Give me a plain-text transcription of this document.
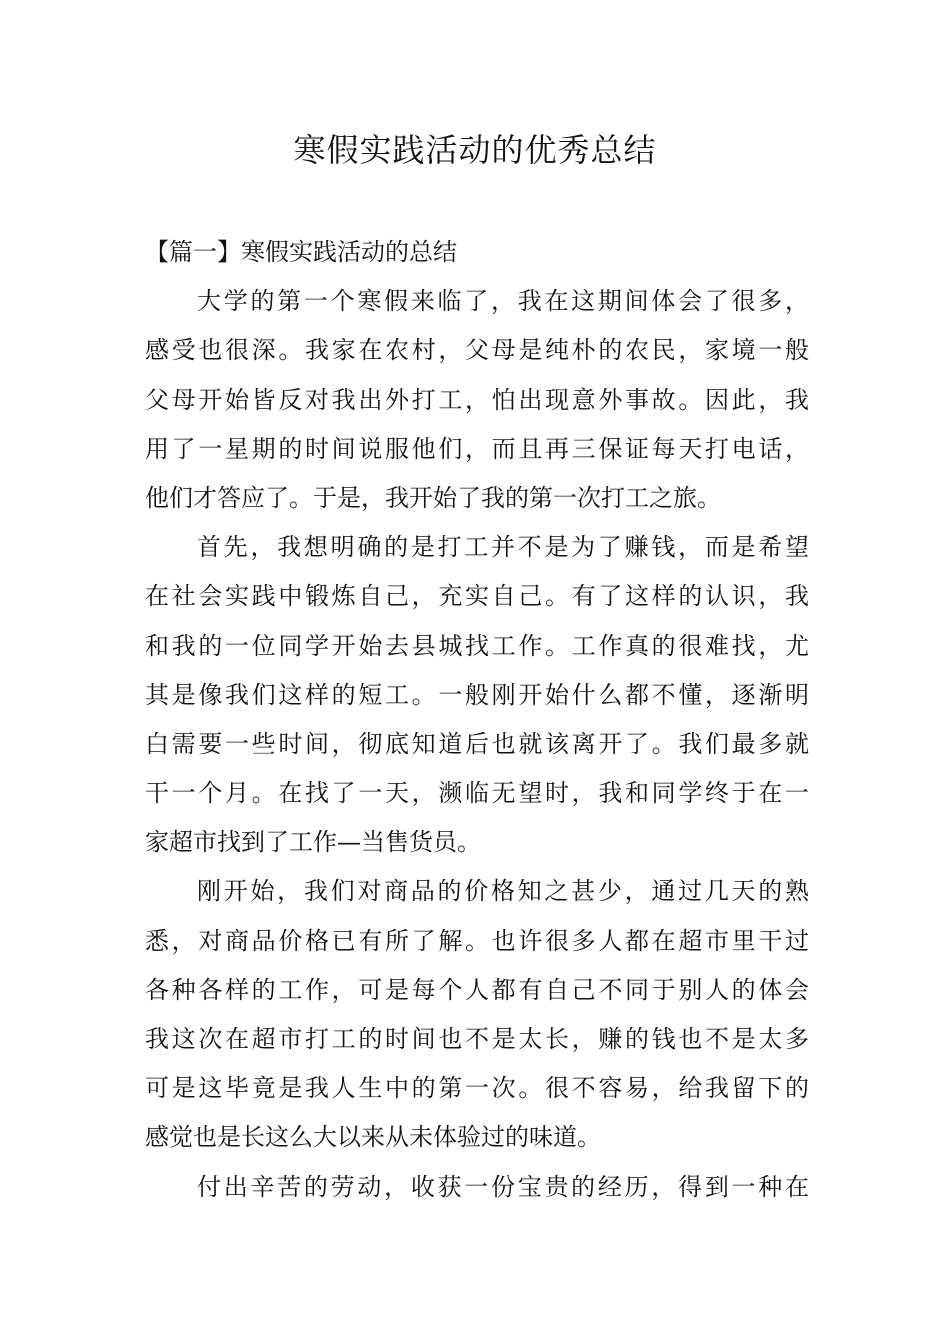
寒假实践活动的优秀总结
【篇一】寒假实践活动的总结
大学的第一个寒假来临了，我在这期间体会了很多，
感受也很深。我家在农村，父母是纯朴的农民，家境一般
父母开始皆反对我出外打工，怕出现意外事故。因此，我
用了一星期的时间说服他们，而且再三保证每天打电话，
他们才答应了。于是，我开始了我的第一次打工之旅。
首先，我想明确的是打工并不是为了赚钱，而是希望
在社会实践中锻炼自己，充实自己。有了这样的认识，我
和我的一位同学开始去县城找工作。工作真的很难找，尤
其是像我们这样的短工。一般刚开始什么都不懂，逐渐明
白需要一些时间，彻底知道后也就该离开了。我们最多就
干一个月。在找了一天，濒临无望时，我和同学终于在一
家超市找到了工作—当售货员。
刚开始，我们对商品的价格知之甚少，通过几天的熟
悉，对商品价格已有所了解。也许很多人都在超市里干过
各种各样的工作，可是每个人都有自己不同于别人的体会
我这次在超市打工的时间也不是太长，赚的钱也不是太多
可是这毕竟是我人生中的第一次。很不容易，给我留下的
感觉也是长这么大以来从未体验过的味道。
付出辛苦的劳动，收获一份宝贵的经历，得到一种在
